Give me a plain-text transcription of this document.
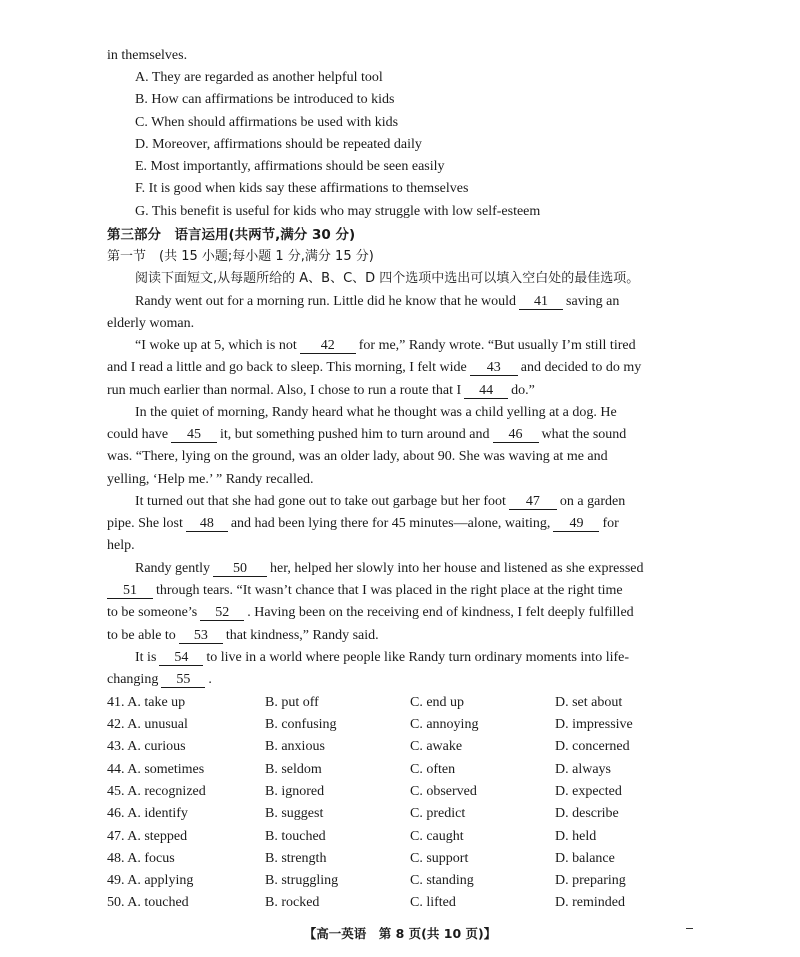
in themselves.
A. They are regarded as another helpful tool
B. How can affirmations be introduced to kids
C. When should affirmations be used with kids
D. Moreover, affirmations should be repeated daily
E. Most importantly, affirmations should be seen easily
F. It is good when kids say these affirmations to themselves
G. This benefit is useful for kids who may struggle with low self-esteem
第三部分　语言运用(共两节,满分 30 分)
第一节　(共 15 小题;每小题 1 分,满分 15 分)
阅读下面短文,从每题所给的 A、B、C、D 四个选项中选出可以填入空白处的最佳选项。
Randy went out for a morning run. Little did he know that he would 41 saving an
elderly woman.
“I woke up at 5, which is not 42 for me,” Randy wrote. “But usually I’m still tired
and I read a little and go back to sleep. This morning, I felt wide 43 and decided to do my
run much earlier than normal. Also, I chose to run a route that I 44 do.”
In the quiet of morning, Randy heard what he thought was a child yelling at a dog. He
could have 45 it, but something pushed him to turn around and 46 what the sound
was. “There, lying on the ground, was an older lady, about 90. She was waving at me and
yelling, ‘Help me.’ ” Randy recalled.
It turned out that she had gone out to take out garbage but her foot 47 on a garden
pipe. She lost 48 and had been lying there for 45 minutes—alone, waiting, 49 for
help.
Randy gently 50 her, helped her slowly into her house and listened as she expressed
51 through tears. “It wasn’t chance that I was placed in the right place at the right time
to be someone’s 52 . Having been on the receiving end of kindness, I felt deeply fulfilled
to be able to 53 that kindness,” Randy said.
It is 54 to live in a world where people like Randy turn ordinary moments into life-
changing 55 .
41. A. take up	B. put off	C. end up	D. set about
42. A. unusual	B. confusing	C. annoying	D. impressive
43. A. curious	B. anxious	C. awake	D. concerned
44. A. sometimes	B. seldom	C. often	D. always
45. A. recognized	B. ignored	C. observed	D. expected
46. A. identify	B. suggest	C. predict	D. describe
47. A. stepped	B. touched	C. caught	D. held
48. A. focus	B. strength	C. support	D. balance
49. A. applying	B. struggling	C. standing	D. preparing
50. A. touched	B. rocked	C. lifted	D. reminded
【高一英语　第 8 页(共 10 页)】
